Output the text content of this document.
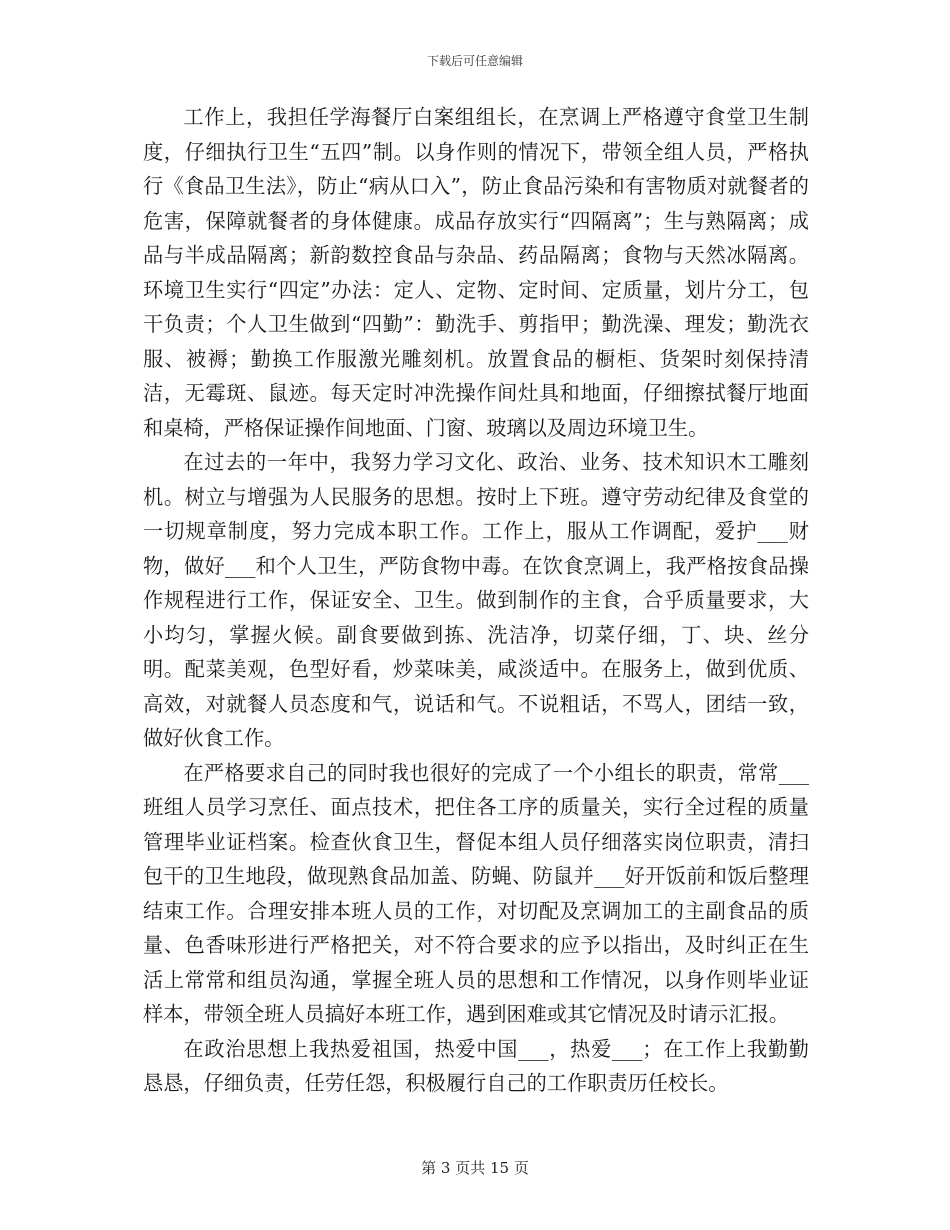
下载后可任意编辑

工作上，我担任学海餐厅白案组组长，在烹调上严格遵守食堂卫生制度，仔细执行卫生“五四”制。以身作则的情况下，带领全组人员，严格执行《食品卫生法》，防止“病从口入”，防止食品污染和有害物质对就餐者的危害，保障就餐者的身体健康。成品存放实行“四隔离”；生与熟隔离；成品与半成品隔离；新韵数控食品与杂品、药品隔离；食物与天然冰隔离。环境卫生实行“四定”办法：定人、定物、定时间、定质量，划片分工，包干负责；个人卫生做到“四勤”：勤洗手、剪指甲；勤洗澡、理发；勤洗衣服、被褥；勤换工作服激光雕刻机。放置食品的橱柜、货架时刻保持清洁，无霉斑、鼠迹。每天定时冲洗操作间灶具和地面，仔细擦拭餐厅地面和桌椅，严格保证操作间地面、门窗、玻璃以及周边环境卫生。

在过去的一年中，我努力学习文化、政治、业务、技术知识木工雕刻机。树立与增强为人民服务的思想。按时上下班。遵守劳动纪律及食堂的一切规章制度，努力完成本职工作。工作上，服从工作调配，爱护___财物，做好___和个人卫生，严防食物中毒。在饮食烹调上，我严格按食品操作规程进行工作，保证安全、卫生。做到制作的主食，合乎质量要求，大小均匀，掌握火候。副食要做到拣、洗洁净，切菜仔细，丁、块、丝分明。配菜美观，色型好看，炒菜味美，咸淡适中。在服务上，做到优质、高效，对就餐人员态度和气，说话和气。不说粗话，不骂人，团结一致，做好伙食工作。

在严格要求自己的同时我也很好的完成了一个小组长的职责，常常___班组人员学习烹任、面点技术，把住各工序的质量关，实行全过程的质量管理毕业证档案。检查伙食卫生，督促本组人员仔细落实岗位职责，清扫包干的卫生地段，做现熟食品加盖、防蝇、防鼠并___好开饭前和饭后整理结束工作。合理安排本班人员的工作，对切配及烹调加工的主副食品的质量、色香味形进行严格把关，对不符合要求的应予以指出，及时纠正在生活上常常和组员沟通，掌握全班人员的思想和工作情况，以身作则毕业证样本，带领全班人员搞好本班工作，遇到困难或其它情况及时请示汇报。

在政治思想上我热爱祖国，热爱中国___，热爱___；在工作上我勤勤恳恳，仔细负责，任劳任怨，积极履行自己的工作职责历任校长。

第 3 页共 15 页
